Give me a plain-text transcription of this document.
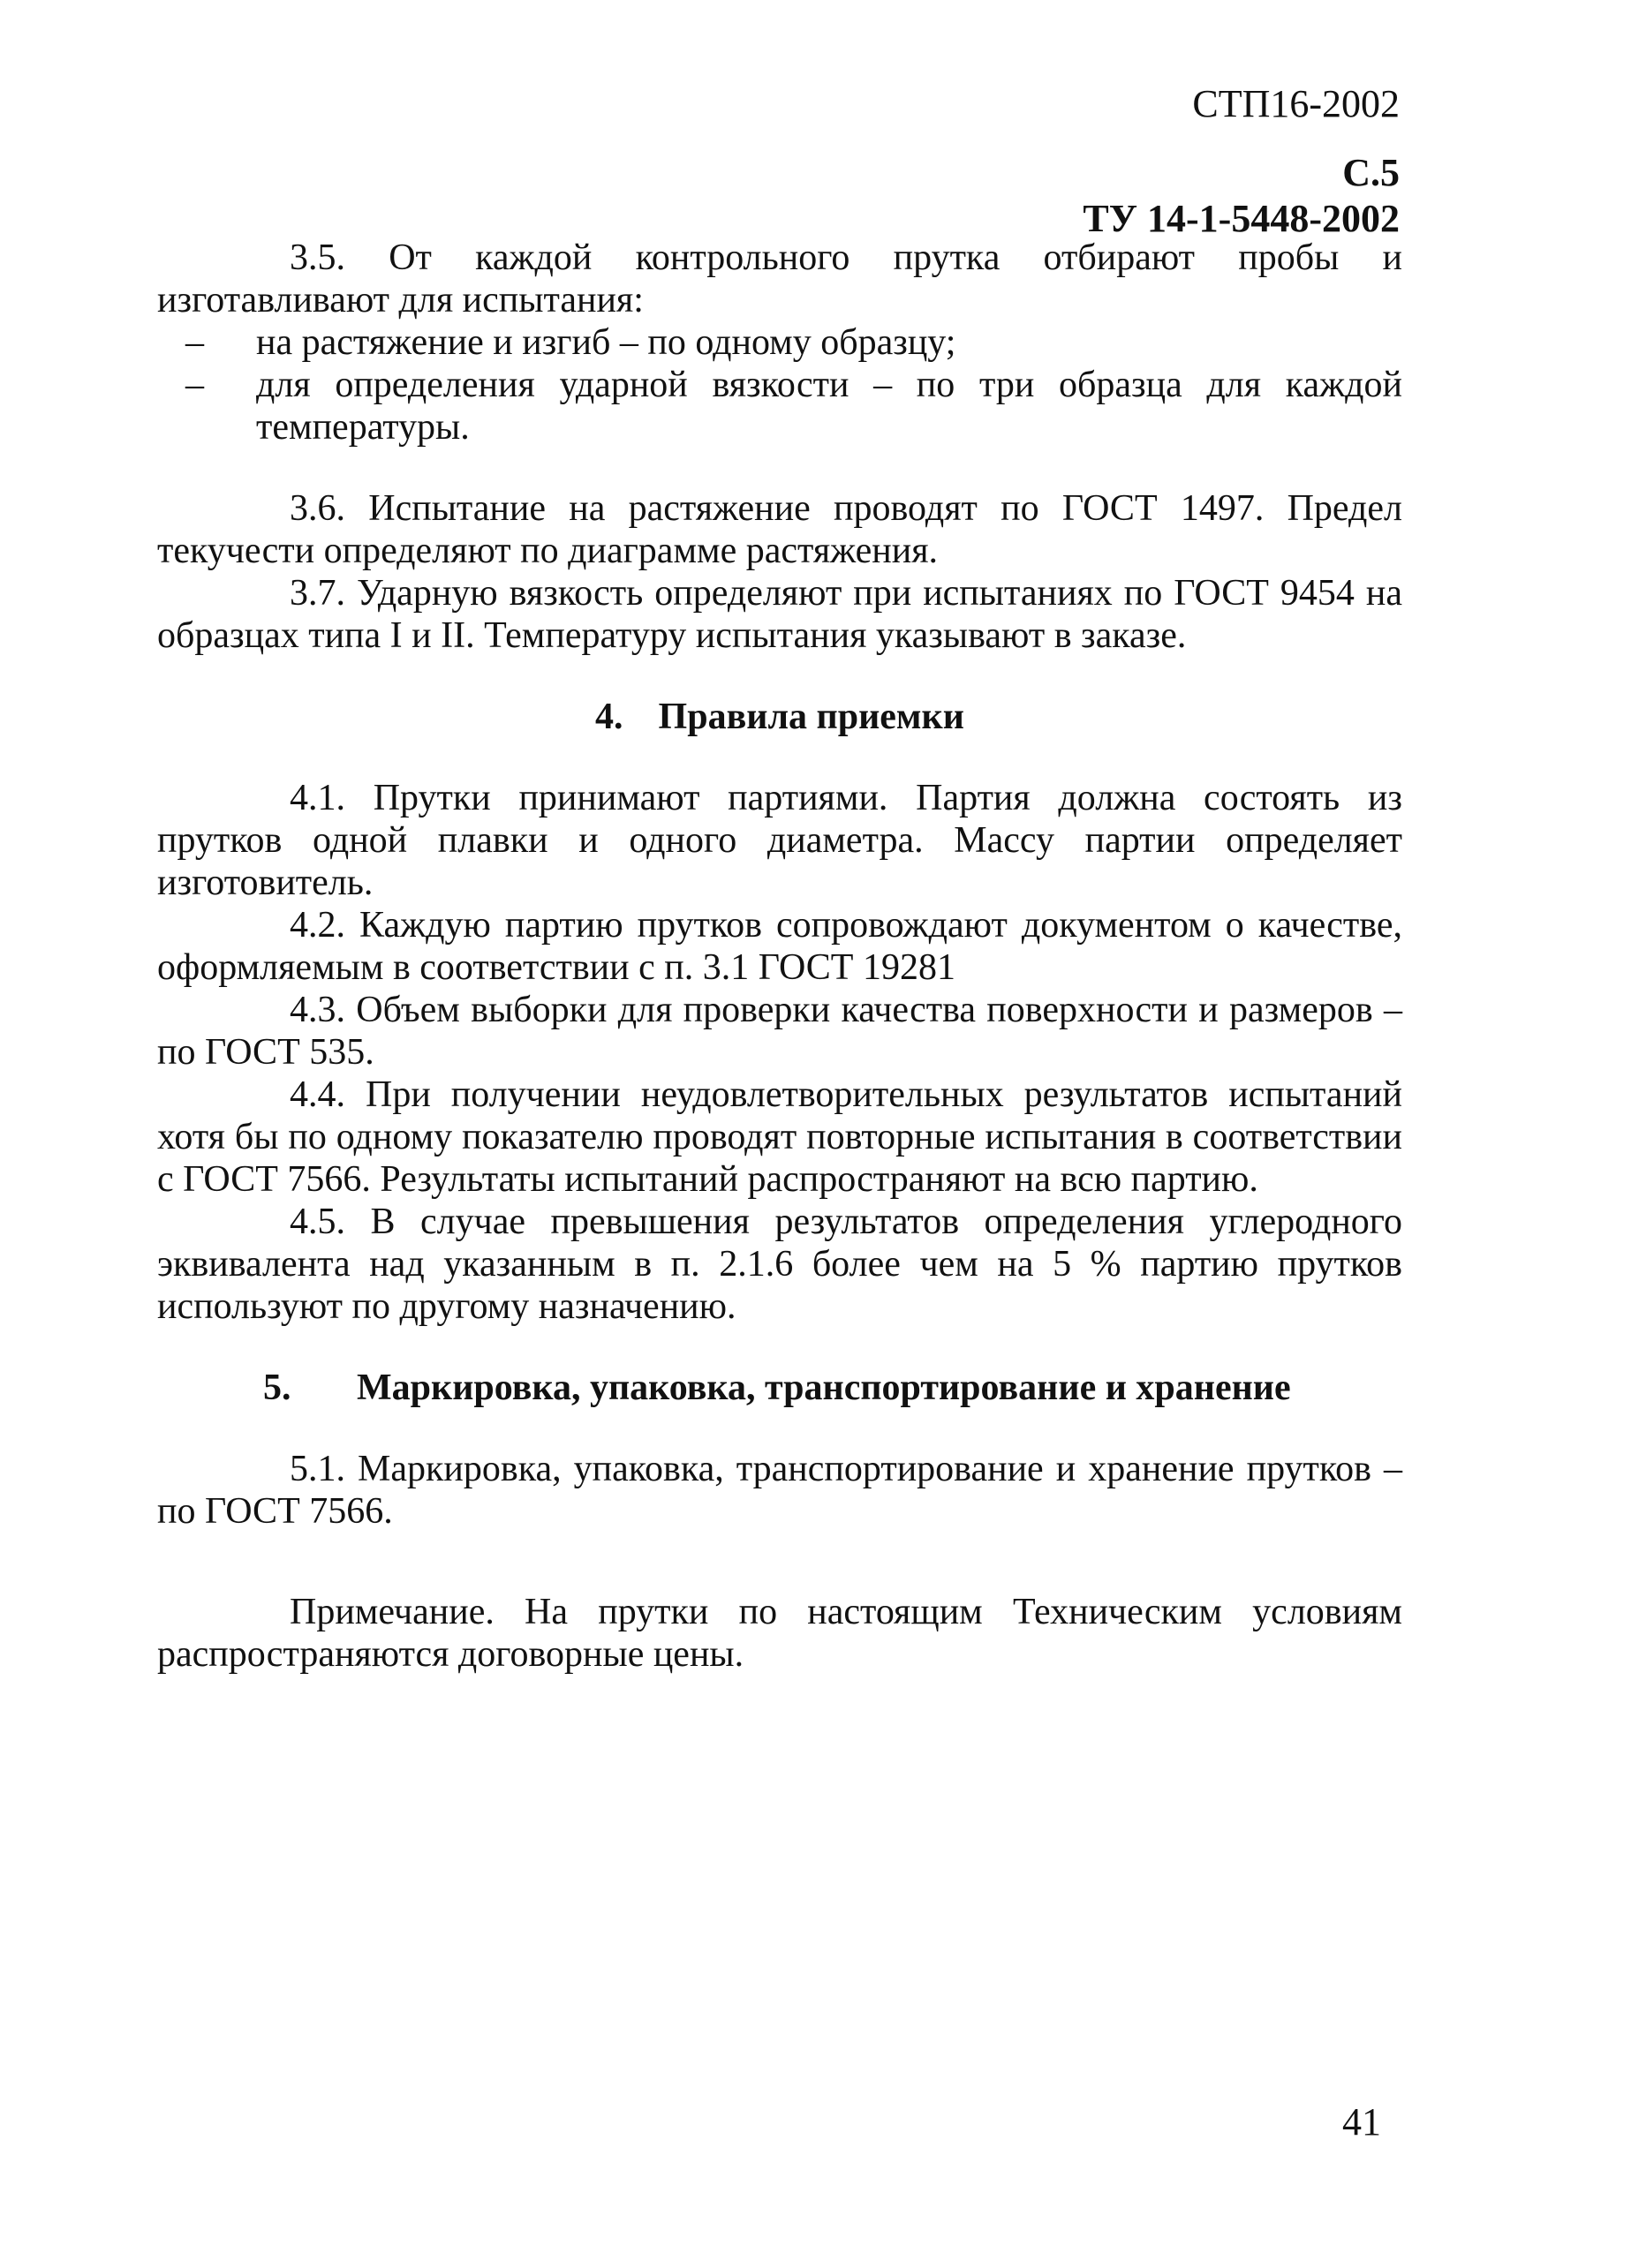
СТП16-2002
С.5
ТУ 14-1-5448-2002

3.5. От каждой контрольного прутка отбирают пробы и изготавливают для испытания:

– на растяжение и изгиб – по одному образцу;

– для определения ударной вязкости – по три образца для каждой температуры.

3.6. Испытание на растяжение проводят по ГОСТ 1497. Предел текучести определяют по диаграмме растяжения.

3.7. Ударную вязкость определяют при испытаниях по ГОСТ 9454 на образцах типа I и II. Температуру испытания указывают в заказе.

4. Правила приемки

4.1. Прутки принимают партиями. Партия должна состоять из прутков одной плавки и одного диаметра. Массу партии определяет изготовитель.

4.2. Каждую партию прутков сопровождают документом о качестве, оформляемым в соответствии с п. 3.1 ГОСТ 19281

4.3. Объем выборки для проверки качества поверхности и размеров – по ГОСТ 535.

4.4. При получении неудовлетворительных результатов испытаний хотя бы по одному показателю проводят повторные испытания в соответствии с ГОСТ 7566. Результаты испытаний распространяют на всю партию.

4.5. В случае превышения результатов определения углеродного эквивалента над указанным в п. 2.1.6 более чем на 5 % партию прутков используют по другому назначению.

5. Маркировка, упаковка, транспортирование и хранение

5.1. Маркировка, упаковка, транспортирование и хранение прутков – по ГОСТ 7566.

Примечание. На прутки по настоящим Техническим условиям распространяются договорные цены.

41
